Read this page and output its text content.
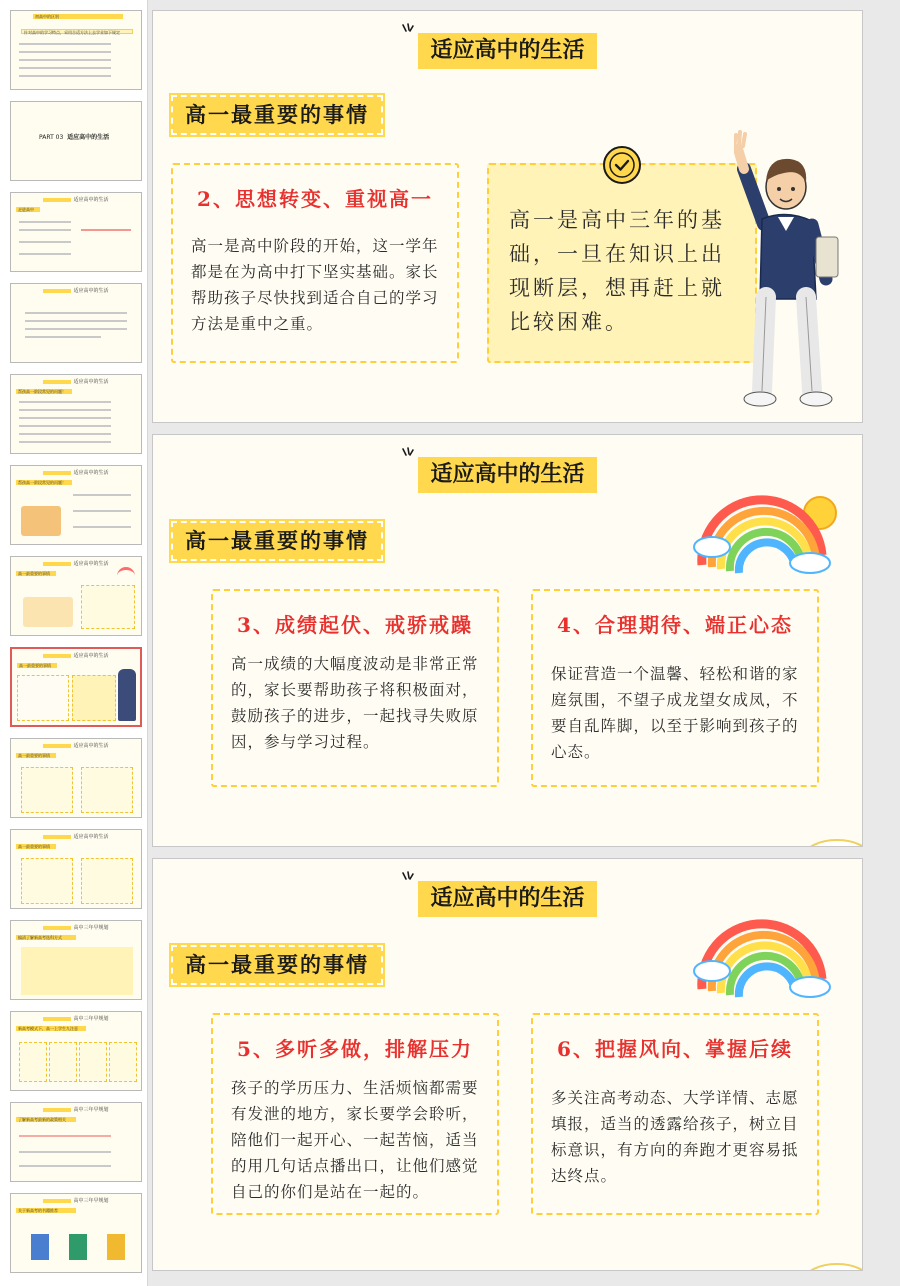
初高中的区别
针对高中的学习特点，采用合适方法上去学业如下规定
PART 03 适应高中的生活
适应高中的生活
走进高中
适应高中的生活
适应高中的生活
帮孩高一阶段常见的问题！
适应高中的生活
帮孩高一阶段常见的问题！
适应高中的生活
高一最重要的事情
适应高中的生活
高一最重要的事情
适应高中的生活
高一最重要的事情
适应高中的生活
高一最重要的事情
高中三年早规划
搞清了解新高考选科方式
高中三年早规划
新高考模式下，高一上学生九注意
高中三年早规划
了解新高考最新的政策相关
高中三年早规划
关于新高考的书籍推荐
适应高中的生活
高一最重要的事情
2、思想转变、重视高一
高一是高中阶段的开始，这一学年都是在为高中打下坚实基础。家长帮助孩子尽快找到适合自己的学习方法是重中之重。
高一是高中三年的基础，一旦在知识上出现断层，想再赶上就比较困难。
适应高中的生活
高一最重要的事情
3、成绩起伏、戒骄戒躁
高一成绩的大幅度波动是非常正常的，家长要帮助孩子将积极面对，鼓励孩子的进步，一起找寻失败原因，参与学习过程。
4、合理期待、端正心态
保证营造一个温馨、轻松和谐的家庭氛围，不望子成龙望女成凤，不要自乱阵脚，以至于影响到孩子的心态。
适应高中的生活
高一最重要的事情
5、多听多做，排解压力
孩子的学历压力、生活烦恼都需要有发泄的地方，家长要学会聆听，陪他们一起开心、一起苦恼，适当的用几句话点播出口，让他们感觉自己的你们是站在一起的。
6、把握风向、掌握后续
多关注高考动态、大学详情、志愿填报，适当的透露给孩子，树立目标意识，有方向的奔跑才更容易抵达终点。
